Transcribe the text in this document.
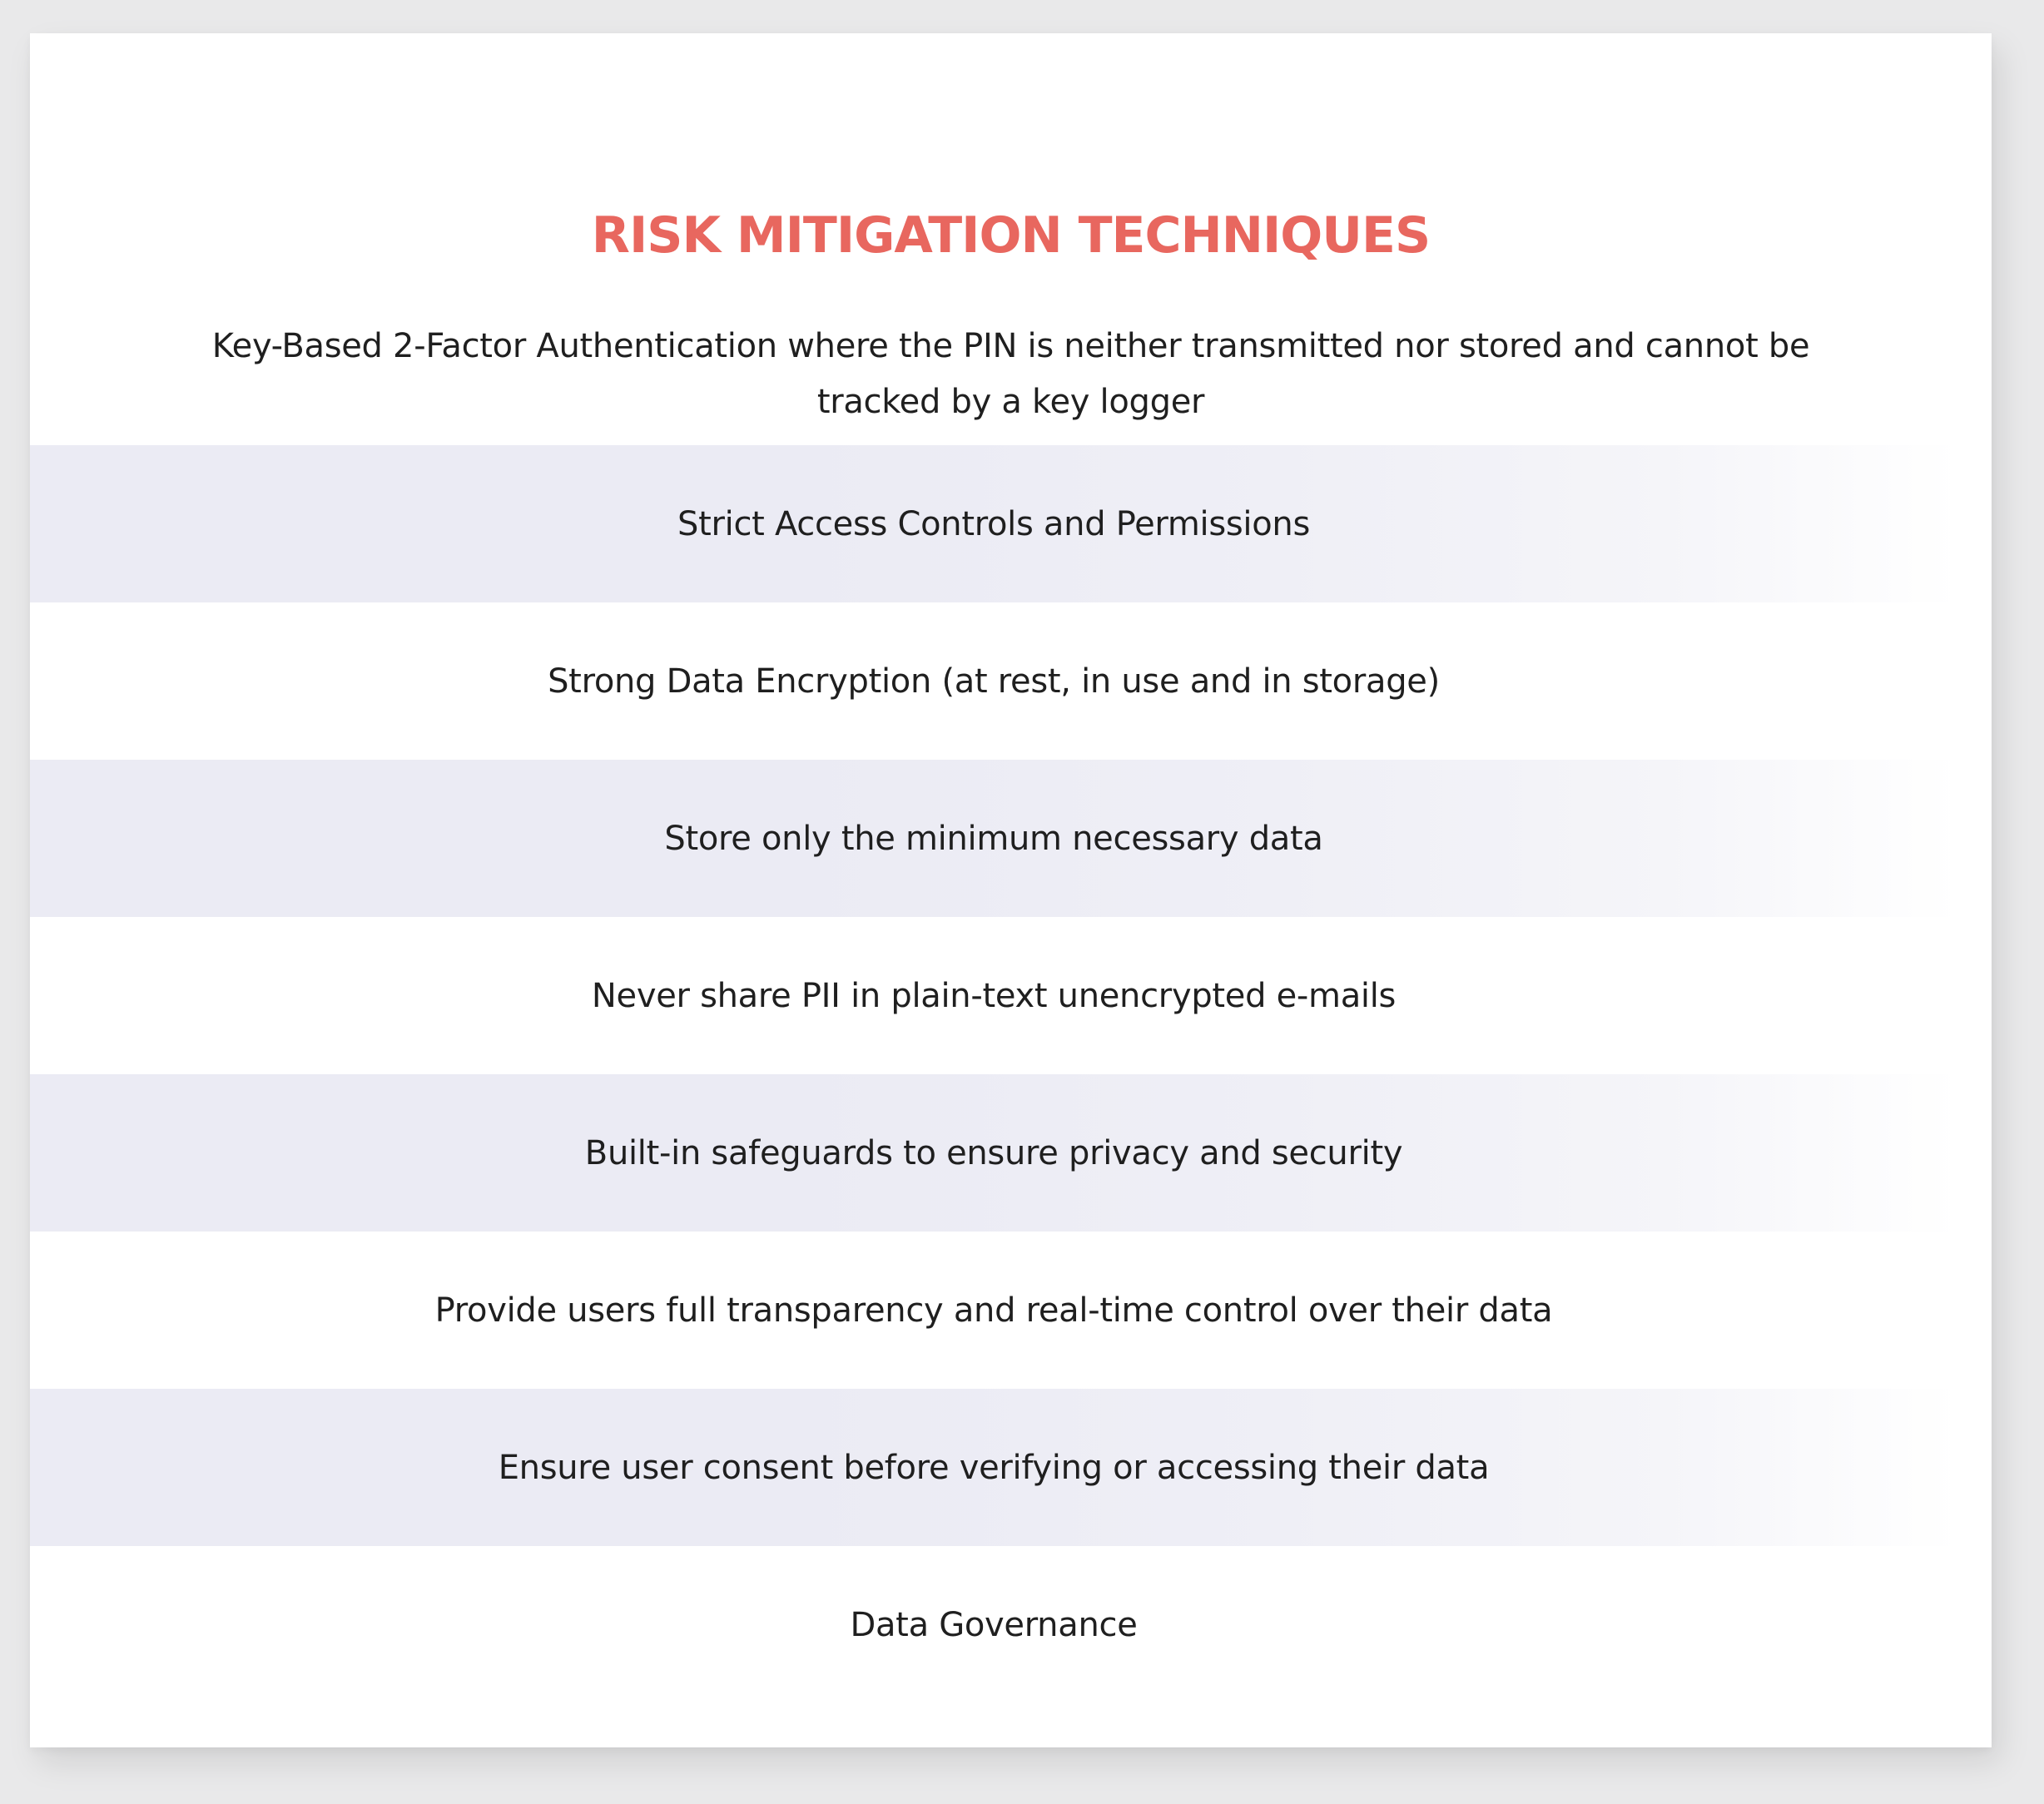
RISK MITIGATION TECHNIQUES

Key-Based 2-Factor Authentication where the PIN is neither transmitted nor stored and cannot be tracked by a key logger

Strict Access Controls and Permissions
Strong Data Encryption (at rest, in use and in storage)
Store only the minimum necessary data
Never share PII in plain-text unencrypted e-mails
Built-in safeguards to ensure privacy and security
Provide users full transparency and real-time control over their data
Ensure user consent before verifying or accessing their data
Data Governance
